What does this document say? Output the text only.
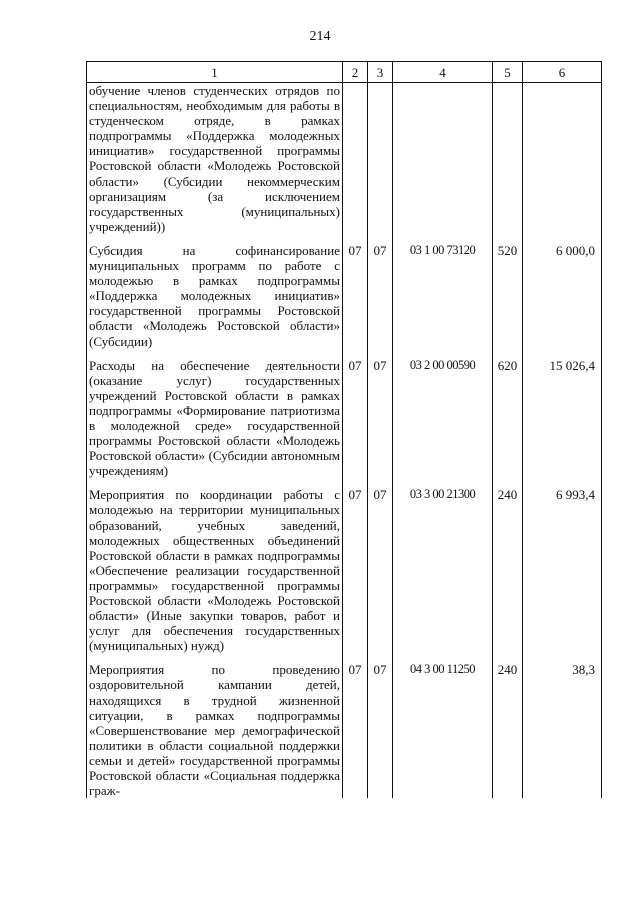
214
1	2	3	4	5	6
обучение членов студенческих отрядов по специальностям, необходимым для работы в студенческом отряде, в рамках подпрограммы «Поддержка молодежных инициатив» государственной программы Ростовской области «Молодежь Ростовской области» (Субсидии некоммерческим организациям (за исключением государственных (муниципальных) учреждений))					

Субсидия на софинансирование муниципальных программ по работе с молодежью в рамках подпрограммы «Поддержка молодежных инициатив» государственной программы Ростовской области «Молодежь Ростовской области» (Субсидии)	07	07	03 1 00 73120	520	6 000,0

Расходы на обеспечение деятельности (оказание услуг) государственных учреждений Ростовской области в рамках подпрограммы «Формирование патриотизма в молодежной среде» государственной программы Ростовской области «Молодежь Ростовской области» (Субсидии автономным учреждениям)	07	07	03 2 00 00590	620	15 026,4

Мероприятия по координации работы с молодежью на территории муниципальных образований, учебных заведений, молодежных общественных объединений Ростовской области в рамках подпрограммы «Обеспечение реализации государственной программы» государственной программы Ростовской области «Молодежь Ростовской области» (Иные закупки товаров, работ и услуг для обеспечения государственных (муниципальных) нужд)	07	07	03 3 00 21300	240	6 993,4

Мероприятия по проведению оздоровительной кампании детей, находящихся в трудной жизненной ситуации, в рамках подпрограммы «Совершенствование мер демографической политики в области социальной поддержки семьи и детей» государственной программы Ростовской области «Социальная поддержка граж-	07	07	04 3 00 11250	240	38,3
